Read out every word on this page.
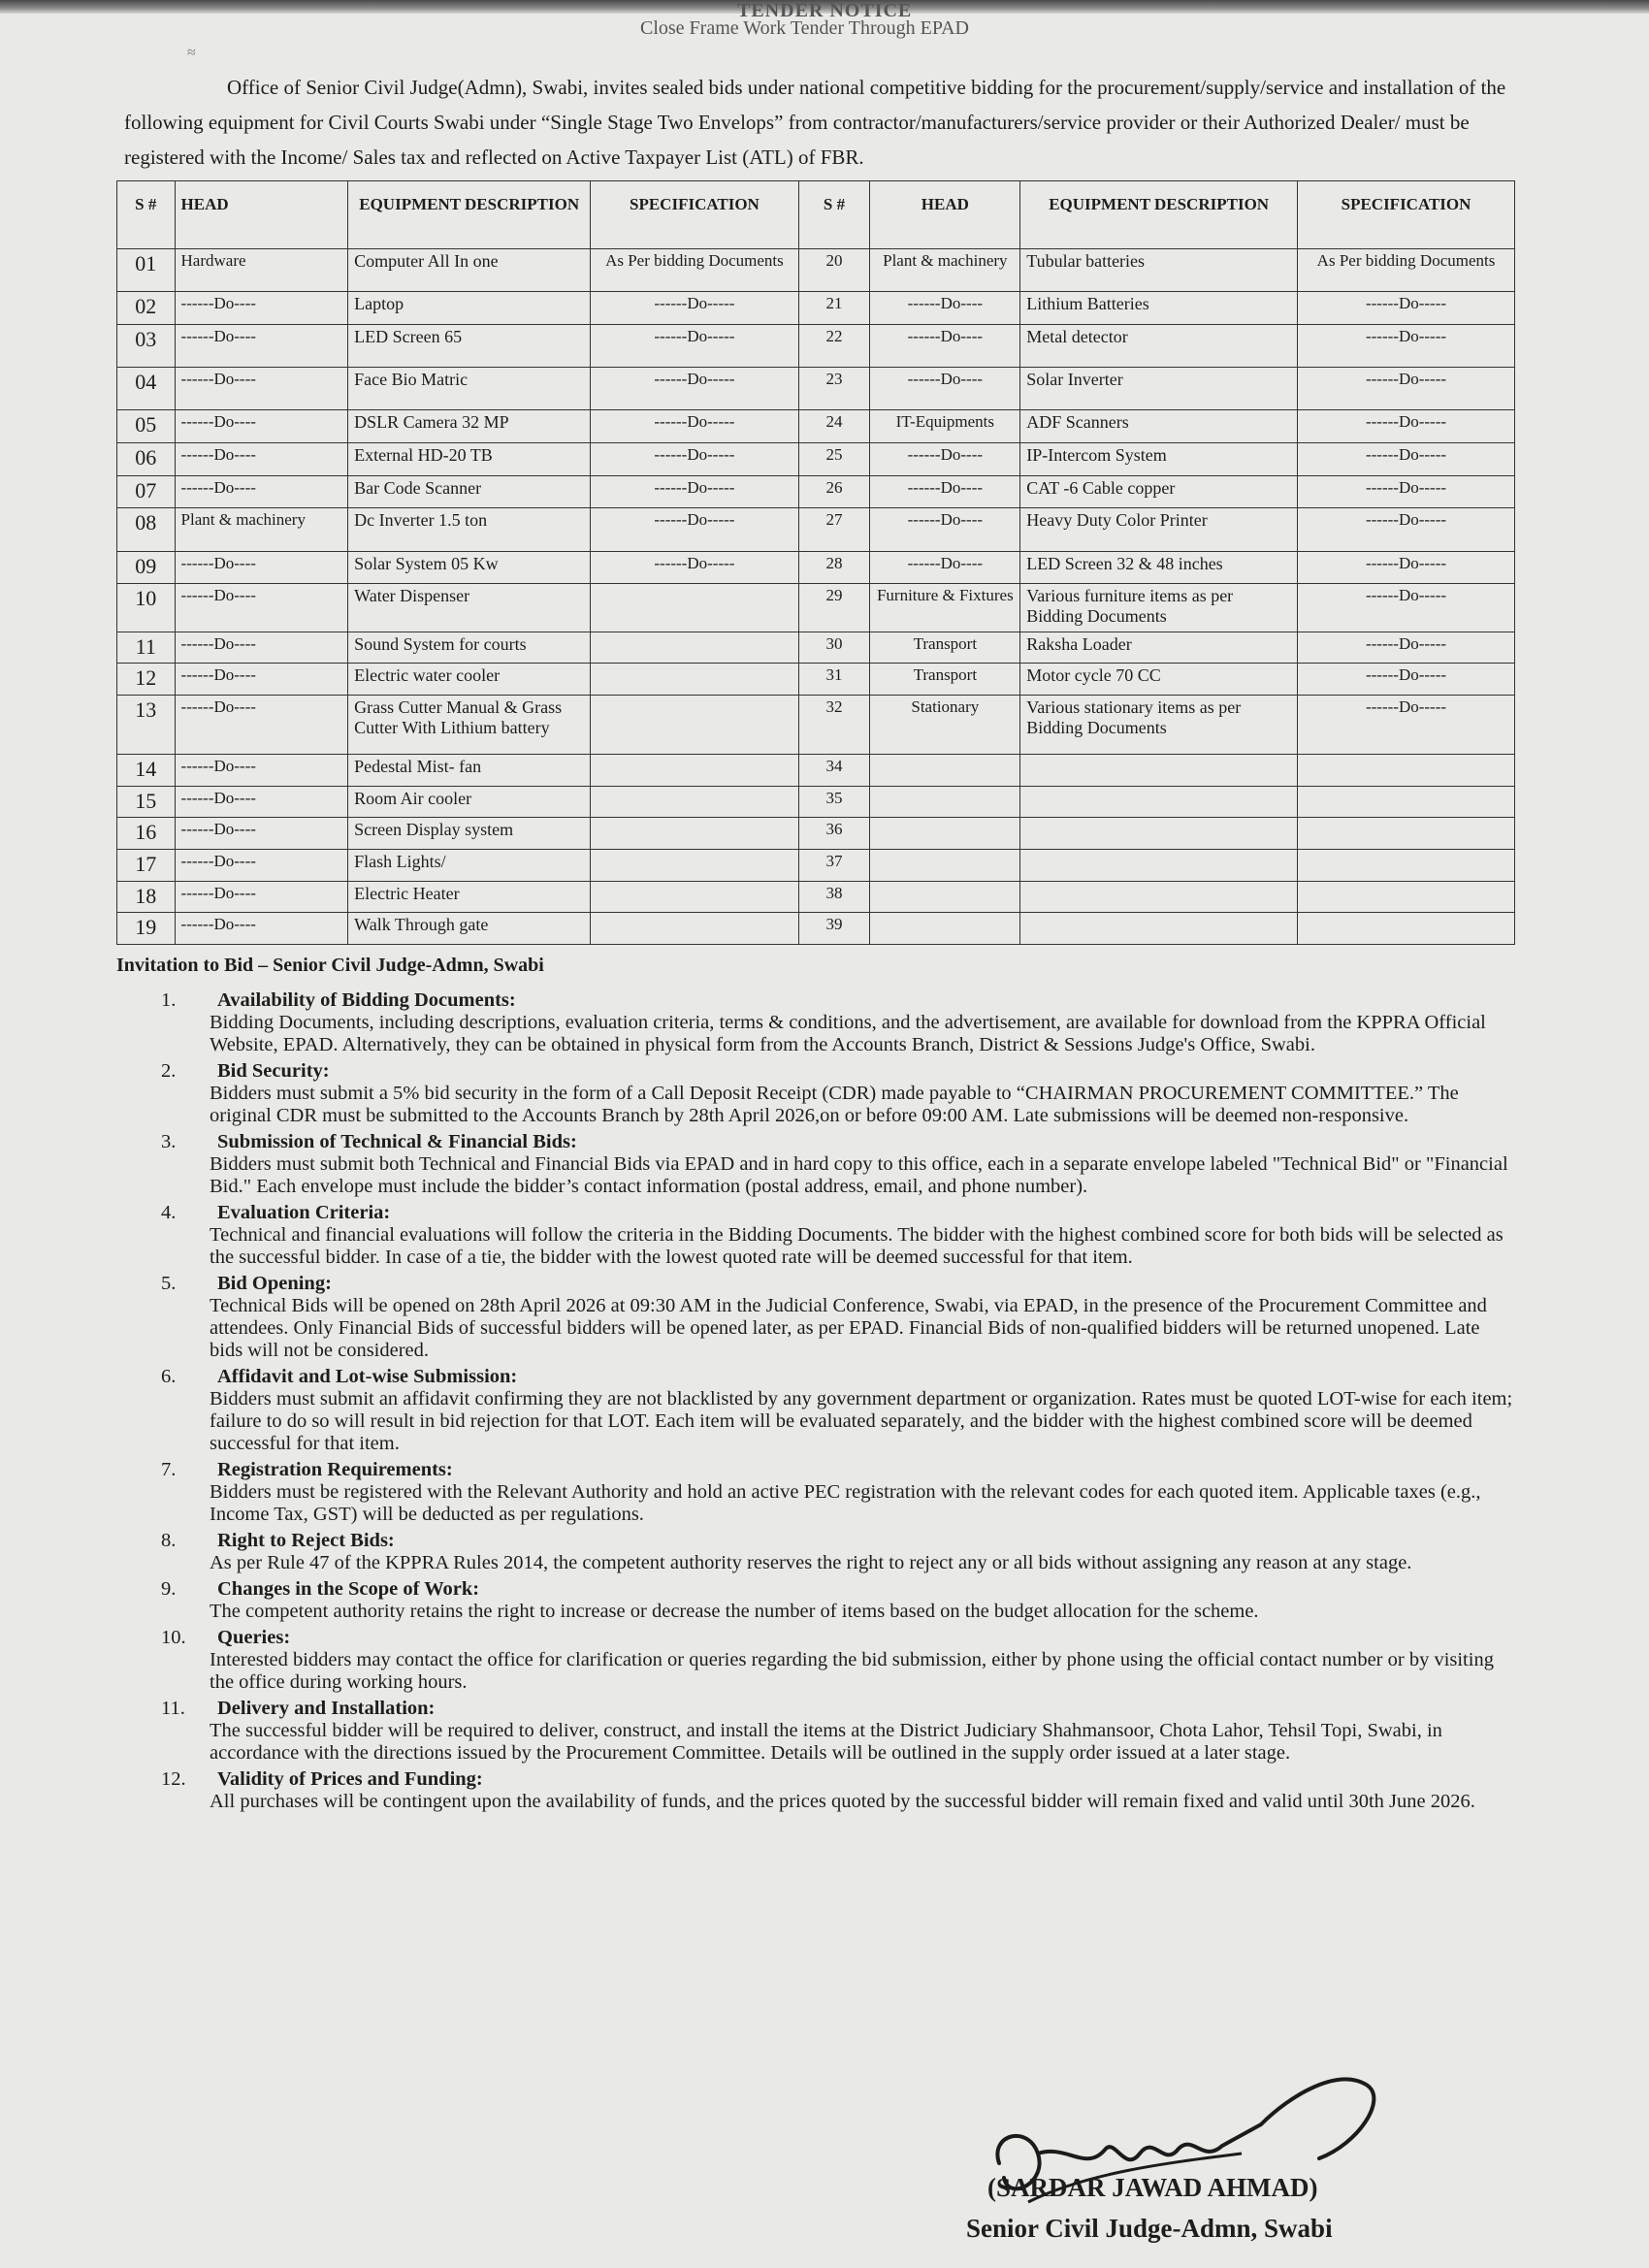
TENDER NOTICE
Close Frame Work Tender Through EPAD
≈
Office of Senior Civil Judge(Admn), Swabi, invites sealed bids under national competitive bidding for the procurement/supply/service and installation of the following equipment for Civil Courts Swabi under “Single Stage Two Envelops” from contractor/manufacturers/service provider or their Authorized Dealer/ must be registered with the Income/ Sales tax and reflected on Active Taxpayer List (ATL) of FBR.
S #	HEAD	EQUIPMENT DESCRIPTION	SPECIFICATION	S #	HEAD	EQUIPMENT DESCRIPTION	SPECIFICATION
01	Hardware	Computer All In one	As Per bidding Documents	20	Plant & machinery	Tubular batteries	As Per bidding Documents
02	------Do----	Laptop	------Do-----	21	------Do----	Lithium Batteries	------Do-----
03	------Do----	LED Screen 65	------Do-----	22	------Do----	Metal detector	------Do-----
04	------Do----	Face Bio Matric	------Do-----	23	------Do----	Solar Inverter	------Do-----
05	------Do----	DSLR Camera 32 MP	------Do-----	24	IT-Equipments	ADF Scanners	------Do-----
06	------Do----	External HD-20 TB	------Do-----	25	------Do----	IP-Intercom System	------Do-----
07	------Do----	Bar Code Scanner	------Do-----	26	------Do----	CAT -6 Cable copper	------Do-----
08	Plant & machinery	Dc Inverter 1.5 ton	------Do-----	27	------Do----	Heavy Duty Color Printer	------Do-----
09	------Do----	Solar System 05 Kw	------Do-----	28	------Do----	LED Screen 32 & 48 inches	------Do-----
10	------Do----	Water Dispenser		29	Furniture & Fixtures	Various furniture items as per Bidding Documents	------Do-----
11	------Do----	Sound System for courts		30	Transport	Raksha Loader	------Do-----
12	------Do----	Electric water cooler		31	Transport	Motor cycle 70 CC	------Do-----
13	------Do----	Grass Cutter Manual & Grass Cutter With Lithium battery		32	Stationary	Various stationary items as per Bidding Documents	------Do-----
14	------Do----	Pedestal Mist- fan		34			
15	------Do----	Room Air cooler		35			
16	------Do----	Screen Display system		36			
17	------Do----	Flash Lights/		37			
18	------Do----	Electric Heater		38			
19	------Do----	Walk Through gate		39			
Invitation to Bid – Senior Civil Judge-Admn, Swabi
1. Availability of Bidding Documents:
Bidding Documents, including descriptions, evaluation criteria, terms & conditions, and the advertisement, are available for download from the KPPRA Official Website, EPAD. Alternatively, they can be obtained in physical form from the Accounts Branch, District & Sessions Judge's Office, Swabi.
2. Bid Security:
Bidders must submit a 5% bid security in the form of a Call Deposit Receipt (CDR) made payable to “CHAIRMAN PROCUREMENT COMMITTEE.” The original CDR must be submitted to the Accounts Branch by 28th April 2026,on or before 09:00 AM. Late submissions will be deemed non-responsive.
3. Submission of Technical & Financial Bids:
Bidders must submit both Technical and Financial Bids via EPAD and in hard copy to this office, each in a separate envelope labeled "Technical Bid" or "Financial Bid." Each envelope must include the bidder’s contact information (postal address, email, and phone number).
4. Evaluation Criteria:
Technical and financial evaluations will follow the criteria in the Bidding Documents. The bidder with the highest combined score for both bids will be selected as the successful bidder. In case of a tie, the bidder with the lowest quoted rate will be deemed successful for that item.
5. Bid Opening:
Technical Bids will be opened on 28th April 2026 at 09:30 AM in the Judicial Conference, Swabi, via EPAD, in the presence of the Procurement Committee and attendees. Only Financial Bids of successful bidders will be opened later, as per EPAD. Financial Bids of non-qualified bidders will be returned unopened. Late bids will not be considered.
6. Affidavit and Lot-wise Submission:
Bidders must submit an affidavit confirming they are not blacklisted by any government department or organization. Rates must be quoted LOT-wise for each item; failure to do so will result in bid rejection for that LOT. Each item will be evaluated separately, and the bidder with the highest combined score will be deemed successful for that item.
7. Registration Requirements:
Bidders must be registered with the Relevant Authority and hold an active PEC registration with the relevant codes for each quoted item. Applicable taxes (e.g., Income Tax, GST) will be deducted as per regulations.
8. Right to Reject Bids:
As per Rule 47 of the KPPRA Rules 2014, the competent authority reserves the right to reject any or all bids without assigning any reason at any stage.
9. Changes in the Scope of Work:
The competent authority retains the right to increase or decrease the number of items based on the budget allocation for the scheme.
10. Queries:
Interested bidders may contact the office for clarification or queries regarding the bid submission, either by phone using the official contact number or by visiting the office during working hours.
11. Delivery and Installation:
The successful bidder will be required to deliver, construct, and install the items at the District Judiciary Shahmansoor, Chota Lahor, Tehsil Topi, Swabi, in accordance with the directions issued by the Procurement Committee. Details will be outlined in the supply order issued at a later stage.
12. Validity of Prices and Funding:
All purchases will be contingent upon the availability of funds, and the prices quoted by the successful bidder will remain fixed and valid until 30th June 2026.
(SARDAR JAWAD AHMAD)
Senior Civil Judge-Admn, Swabi
